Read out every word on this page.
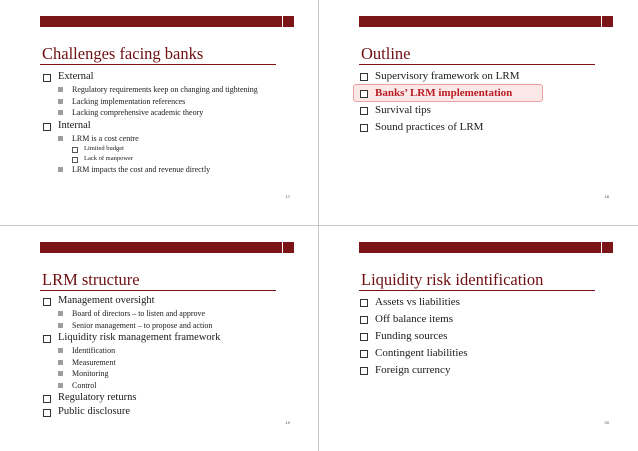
Challenges facing banks
External
Regulatory requirements keep on changing and tightening
Lacking implementation references
Lacking comprehensive academic theory
Internal
LRM is a cost centre
Limited budget
Lack of manpower
LRM impacts the cost and revenue directly
17
Outline
Supervisory framework on LRM
Banks’ LRM implementation
Survival tips
Sound practices of LRM
18
LRM structure
Management oversight
Board of directors – to listen and approve
Senior management – to propose and action
Liquidity risk management framework
Identification
Measurement
Monitoring
Control
Regulatory returns
Public disclosure
19
Liquidity risk identification
Assets vs liabilities
Off balance items
Funding sources
Contingent liabilities
Foreign currency
20
